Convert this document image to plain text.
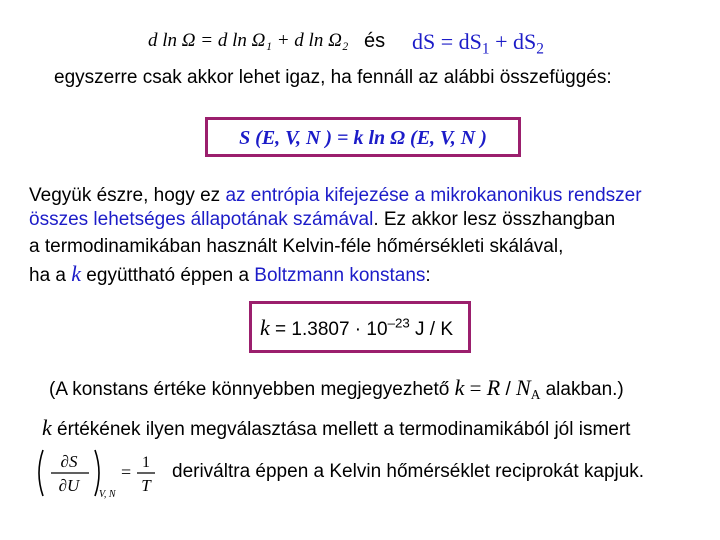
d ln Ω = d ln Ω₁ + d ln Ω₂ és dS = $dS_1 + dS_2$
egyszerre csak akkor lehet igaz, ha fennáll az alábbi összefüggés:
S (E, V, N ) = k ln Ω (E, V, N )
Vegyük észre, hogy ez az entrópia kifejezése a mikrokanonikus rendszer
összes lehetséges állapotának számával. Ez akkor lesz összhangban
a termodinamikában használt Kelvin-féle hőmérsékleti skálával,
ha a k együttható éppen a Boltzmann konstans:
$k = 1.3807 \cdot 10^{-23}$ J / K
(A konstans értéke könnyebben megjegyezhető $k = R / N_A$ alakban.)
k értékének ilyen megválasztása mellett a termodinamikából jól ismert
∂S
∂U V, N
= 1
T
deriváltra éppen a Kelvin hőmérséklet reciprokát kapjuk.
